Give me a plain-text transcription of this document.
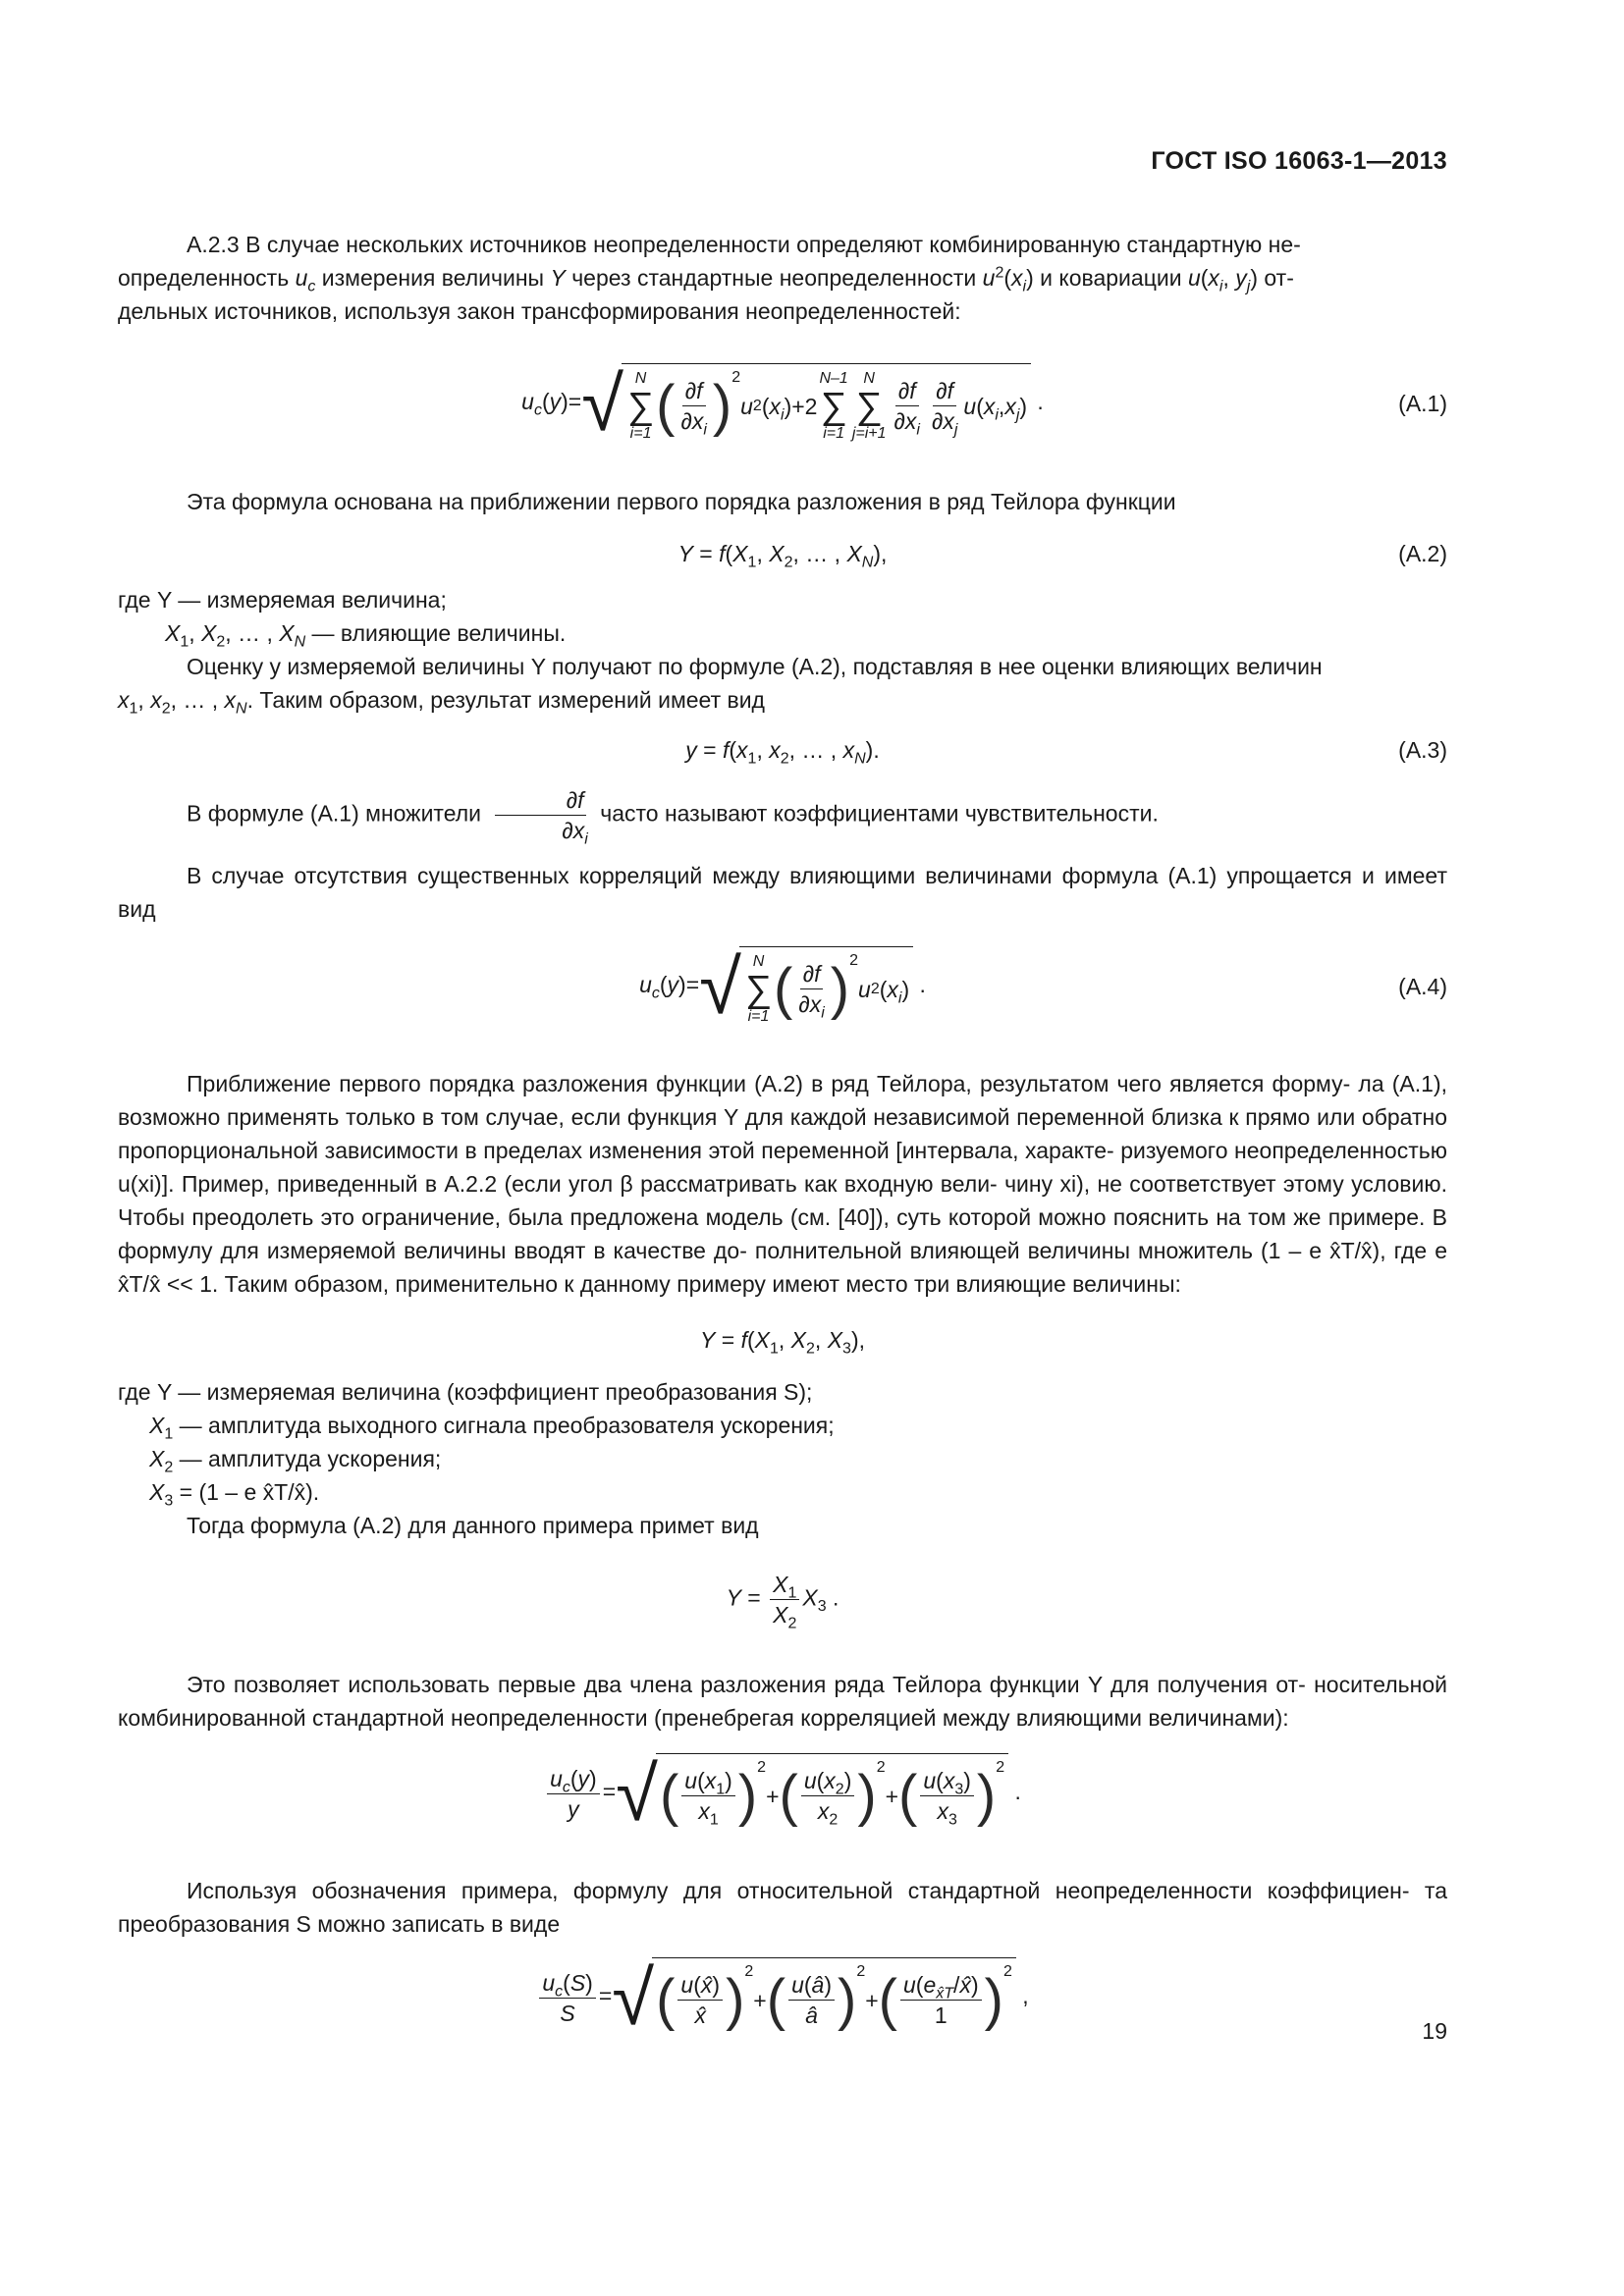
ГОСТ ISO 16063-1—2013

А.2.3 В случае нескольких источников неопределенности определяют комбинированную стандартную не-

определенность $u_c$ измерения величины Y через стандартные неопределенности $u^2(x_i)$ и ковариации $u(x_i$, $y_j$) от-

дельных источников, используя закон трансформирования неопределенностей:

$u_c(y)=$ √ N
∑
i=1 ( $\frac{\partial f}{\partial x_i}$ ) 2
u 2 ( $x_i$ )+2
N–1
∑
i=1
N
∑
$j=i+1 \frac{\partial f}{\partial x_i} \frac{\partial f}{\partial x_j}$ u ( $x_i$ , $x_j$ ) .	(A.1)

Эта формула основана на приближении первого порядка разложения в ряд Тейлора функции

$Y = f(X_1$, $X_2$, … , $X_N$),	(A.2)

где Y — измеряемая величина;

$X_1$, $X_2$, … , $X_N$ — влияющие величины.

Оценку y измеряемой величины Y получают по формуле (A.2), подставляя в нее оценки влияющих величин

$x_1$, $x_2$, … , $x_N$. Таким образом, результат измерений имеет вид

$y = f(x_1$, $x_2$, … , $x_N$).	(A.3)

В формуле (A.1) множители $\frac{\partial f}{\partial x_i}$ часто называют коэффициентами чувствительности.

В случае отсутствия существенных корреляций между влияющими величинами формула (A.1) упрощается и имеет вид

$u_c(y)=$ √ N
∑
i=1 ( $\frac{\partial f}{\partial x_i}$ ) 2
u 2 ( $x_i$ ) .	(A.4)

Приближение первого порядка разложения функции (A.2) в ряд Тейлора, результатом чего является форму- ла (A.1), возможно применять только в том случае, если функция Y для каждой независимой переменной близка к прямо или обратно пропорциональной зависимости в пределах изменения этой переменной [интервала, характе- ризуемого неопределенностью u(xi)]. Пример, приведенный в А.2.2 (если угол β рассматривать как входную вели- чину xi), не соответствует этому условию. Чтобы преодолеть это ограничение, была предложена модель (см. [40]), суть которой можно пояснить на том же примере. В формулу для измеряемой величины вводят в качестве до- полнительной влияющей величины множитель (1 – e x̂T/x̂), где e x̂T/x̂ << 1. Таким образом, применительно к данному примеру имеют место три влияющие величины:

$Y = f(X_1$, $X_2$, $X_3$),

где Y — измеряемая величина (коэффициент преобразования S);

$X_1$ — амплитуда выходного сигнала преобразователя ускорения;

$X_2$ — амплитуда ускорения;

$X_3 = (1 - e$ x̂T/x̂).

Тогда формула (A.2) для данного примера примет вид

$Y = \frac{X_1}{X_2} X_3$ .

Это позволяет использовать первые два члена разложения ряда Тейлора функции Y для получения от- носительной комбинированной стандартной неопределенности (пренебрегая корреляцией между влияющими величинами):

$\frac{u_c(y)}{y}$ = √ ( $\frac{u(x_1)}{x_1}$ ) 2
+ ( $\frac{u(x_2)}{x_2}$ ) 2
+ ( $\frac{u(x_3)}{x_3}$ ) 2
.

Используя обозначения примера, формулу для относительной стандартной неопределенности коэффициен- та преобразования S можно записать в виде

$\frac{u_c(S)}{S}$ = √ ( $\frac{u(x̂)}{x̂}$ ) 2
+ ( $\frac{u(â)}{â}$ ) 2
+ ( $\frac{u(e_{x̂T}/x̂)}{1}$ ) 2
,
19
